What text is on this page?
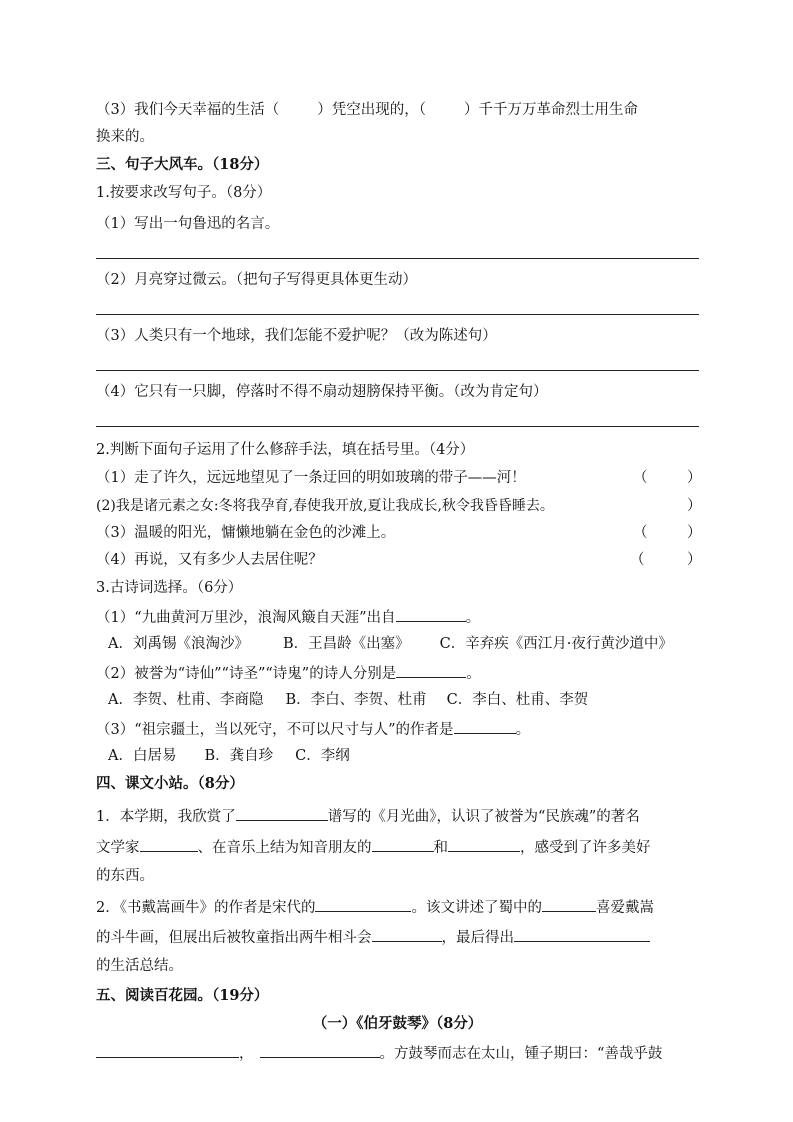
（3）我们今天幸福的生活（	）凭空出现的，（	）千千万万革命烈士用生命
换来的。
三、句子大风车。（18分）
1.按要求改写句子。（8分）
（1）写出一句鲁迅的名言。
（2）月亮穿过微云。（把句子写得更具体更生动）
（3）人类只有一个地球，我们怎能不爱护呢？（改为陈述句）
（4）它只有一只脚，停落时不得不扇动翅膀保持平衡。（改为肯定句）
2.判断下面句子运用了什么修辞手法，填在括号里。（4分）
（1）走了许久，远远地望见了一条迂回的明如玻璃的带子——河！	（	）
(2)我是诸元素之女:冬将我孕育,春使我开放,夏让我成长,秋令我昏昏睡去。	）
（3）温暖的阳光，慵懒地躺在金色的沙滩上。	（	）
（4）再说，又有多少人去居住呢？	（	）
3.古诗词选择。（6分）
（1）“九曲黄河万里沙，浪淘风簸自天涯”出自	。
A．刘禹锡《浪淘沙》 B．王昌龄《出塞》 C．辛弃疾《西江月·夜行黄沙道中》
（2）被誉为“诗仙”“诗圣”“诗鬼”的诗人分别是	。
A．李贺、杜甫、李商隐 B．李白、李贺、杜甫 C．李白、杜甫、李贺
（3）“祖宗疆土，当以死守，不可以尺寸与人”的作者是	。
A．白居易 B．龚自珍 C．李纲
四、课文小站。（8分）
1．本学期，我欣赏了	谱写的《月光曲》，认识了被誉为“民族魂”的著名
文学家	、在音乐上结为知音朋友的	和	，感受到了许多美好
的东西。
2．《书戴嵩画牛》的作者是宋代的	。该文讲述了蜀中的	喜爱戴嵩
的斗牛画，但展出后被牧童指出两牛相斗会	，最后得出
的生活总结。
五、阅读百花园。（19分）
（一）《伯牙鼓琴》（8分）
，	。方鼓琴而志在太山，锺子期曰：“善哉乎鼓
